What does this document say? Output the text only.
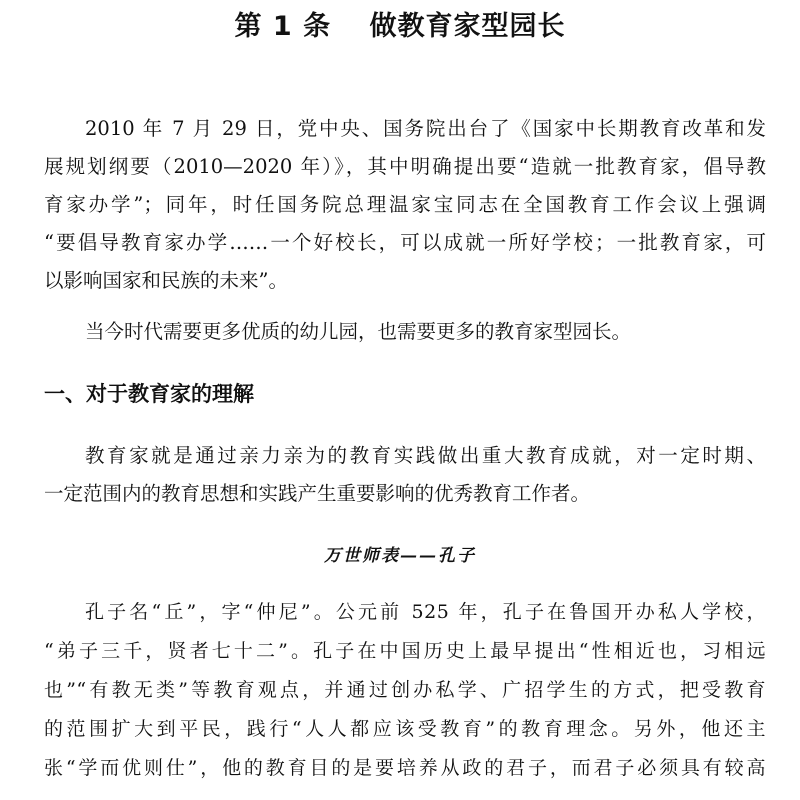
第 1 条 做教育家型园长
2010 年 7 月 29 日，党中央、国务院出台了《国家中长期教育改革和发
展规划纲要（2010—2020 年）》，其中明确提出要“造就一批教育家，倡导教
育家办学”；同年，时任国务院总理温家宝同志在全国教育工作会议上强调
“要倡导教育家办学……一个好校长，可以成就一所好学校；一批教育家，可
以影响国家和民族的未来”。
当今时代需要更多优质的幼儿园，也需要更多的教育家型园长。
一、对于教育家的理解
教育家就是通过亲力亲为的教育实践做出重大教育成就，对一定时期、
一定范围内的教育思想和实践产生重要影响的优秀教育工作者。
万世师表——孔子
孔子名“丘”，字“仲尼”。公元前 525 年，孔子在鲁国开办私人学校，
“弟子三千，贤者七十二”。孔子在中国历史上最早提出“性相近也，习相远
也”“有教无类”等教育观点，并通过创办私学、广招学生的方式，把受教育
的范围扩大到平民，践行“人人都应该受教育”的教育理念。另外，他还主
张“学而优则仕”，他的教育目的是要培养从政的君子，而君子必须具有较高
